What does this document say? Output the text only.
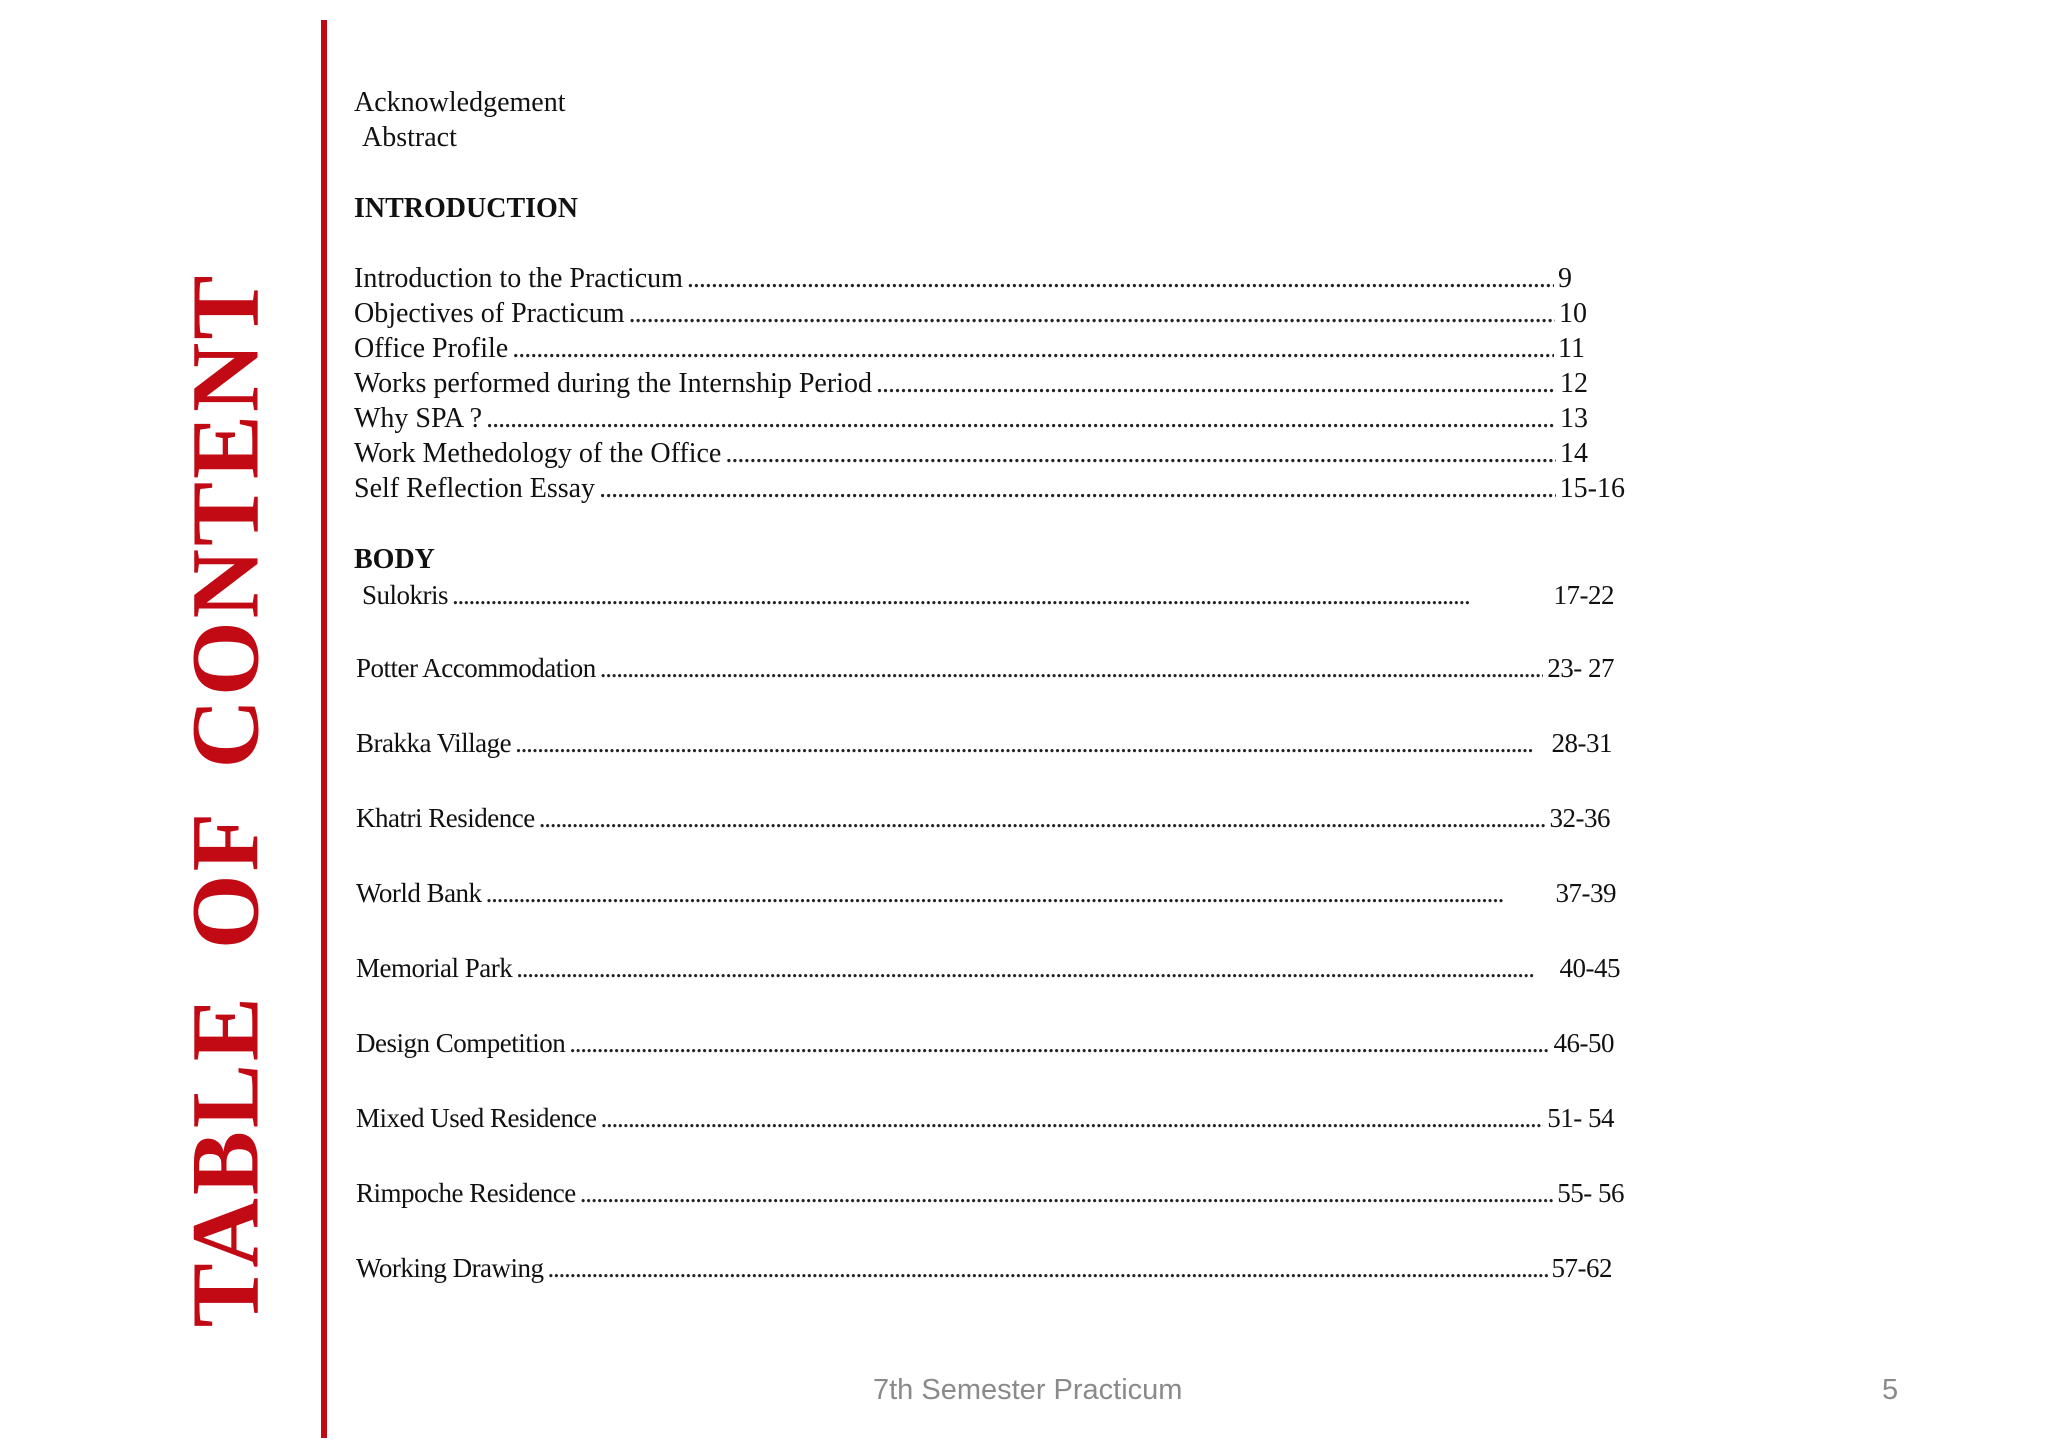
TABLE OF CONTENT
Acknowledgement
Abstract
INTRODUCTION
Introduction to the Practicum . . .	9
Objectives of Practicum . . .	10
Office Profile . . .	11
Works performed during the Internship Period . . .	12
Why SPA ? . . .	13
Work Methedology of the Office . . .	14
Self Reflection Essay . . .	15-16
BODY
Sulokris . . .	17-22
Potter Accommodation . . .	23- 27
Brakka Village . . .	28-31
Khatri Residence . . .	32-36
World Bank . . .	37-39
Memorial Park . . .	40-45
Design Competition . . .	46-50
Mixed Used Residence . . .	51- 54
Rimpoche Residence . . .	55- 56
Working Drawing . . .	57-62
7th Semester Practicum	5
